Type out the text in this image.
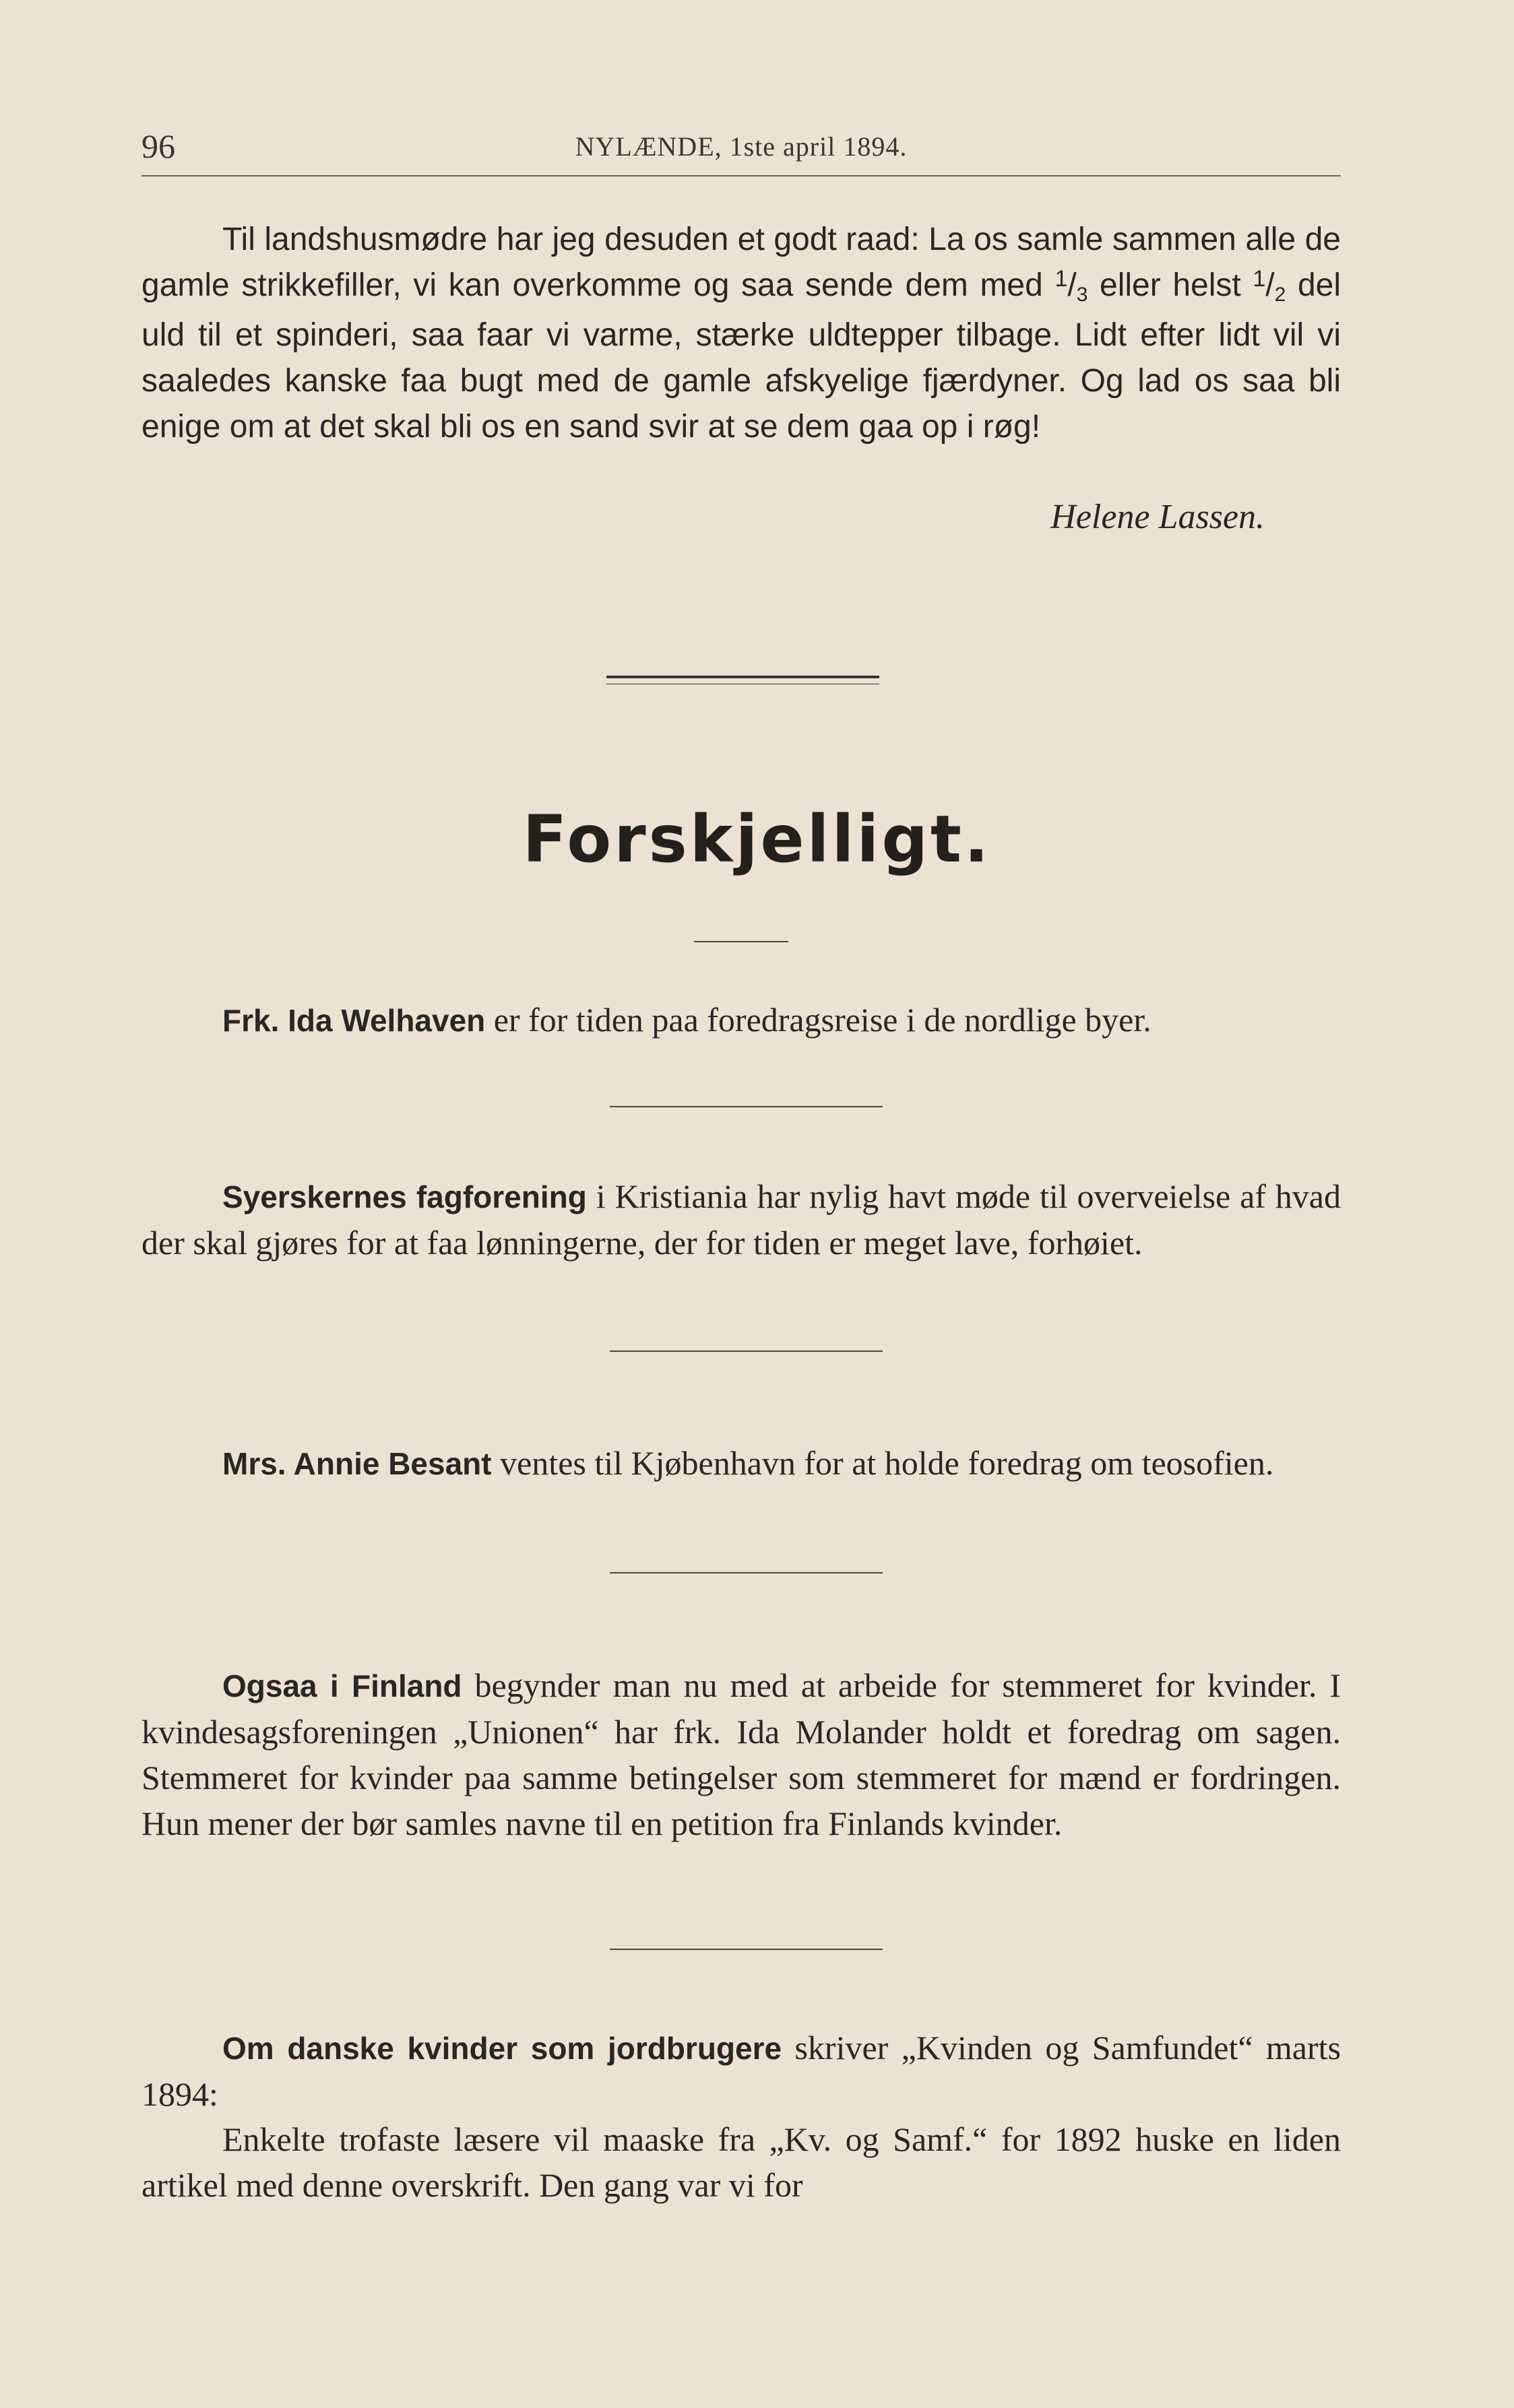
96	NYLÆNDE, 1ste april 1894.
Til landshusmødre har jeg desuden et godt raad: La os samle sammen alle de gamle strikkefiller, vi kan overkomme og saa sende dem med $^1$/3 eller helst $^1$/2 del uld til et spinderi, saa faar vi varme, stærke uldtepper tilbage. Lidt efter lidt vil vi saaledes kanske faa bugt med de gamle afskyelige fjærdyner. Og lad os saa bli enige om at det skal bli os en sand svir at se dem gaa op i røg!
Helene Lassen.
Forskjelligt.
Frk. Ida Welhaven er for tiden paa foredragsreise i de nordlige byer.
Syerskernes fagforening i Kristiania har nylig havt møde til overveielse af hvad der skal gjøres for at faa lønningerne, der for tiden er meget lave, forhøiet.
Mrs. Annie Besant ventes til Kjøbenhavn for at holde foredrag om teosofien.
Ogsaa i Finland begynder man nu med at arbeide for stemmeret for kvinder. I kvindesagsforeningen „Unionen“ har frk. Ida Molander holdt et foredrag om sagen. Stemmeret for kvinder paa samme betingelser som stemmeret for mænd er fordringen. Hun mener der bør samles navne til en petition fra Finlands kvinder.
Om danske kvinder som jordbrugere skriver „Kvinden og Samfundet“ marts 1894:
Enkelte trofaste læsere vil maaske fra „Kv. og Samf.“ for 1892 huske en liden artikel med denne overskrift. Den gang var vi for
